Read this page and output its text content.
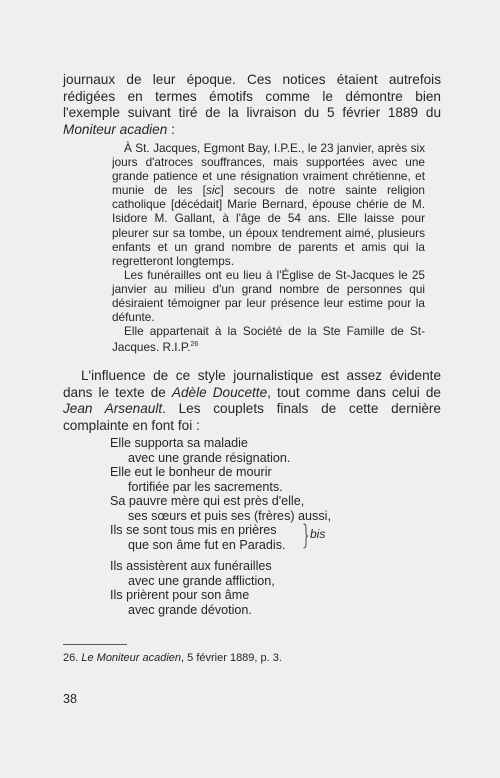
journaux de leur époque. Ces notices étaient autrefois rédigées en termes émotifs comme le démontre bien l'exemple suivant tiré de la livraison du 5 février 1889 du Moniteur acadien :

À St. Jacques, Egmont Bay, I.P.E., le 23 janvier, après six jours d'atroces souffrances, mais supportées avec une grande patience et une résignation vraiment chrétienne, et munie de les [sic] secours de notre sainte religion catholique [décédait] Marie Bernard, épouse chérie de M. Isidore M. Gallant, à l'âge de 54 ans. Elle laisse pour pleurer sur sa tombe, un époux tendrement aimé, plusieurs enfants et un grand nombre de parents et amis qui la regretteront longtemps.

Les funérailles ont eu lieu à l'Église de St-Jacques le 25 janvier au milieu d'un grand nombre de personnes qui désiraient témoigner par leur présence leur estime pour la défunte.

Elle appartenait à la Société de la Ste Famille de St-Jacques. R.I.P.$^{26}$

L'influence de ce style journalistique est assez évidente dans le texte de Adèle Doucette, tout comme dans celui de Jean Arsenault. Les couplets finals de cette dernière complainte en font foi :
Elle supporta sa maladie
avec une grande résignation.
Elle eut le bonheur de mourir
fortifiée par les sacrements.
Sa pauvre mère qui est près d'elle,
ses sœurs et puis ses (frères) aussi,
Ils se sont tous mis en prières
que son âme fut en Paradis.
bis
Ils assistèrent aux funérailles
avec une grande affliction,
Ils prièrent pour son âme
avec grande dévotion.
26. Le Moniteur acadien, 5 février 1889, p. 3.
38
